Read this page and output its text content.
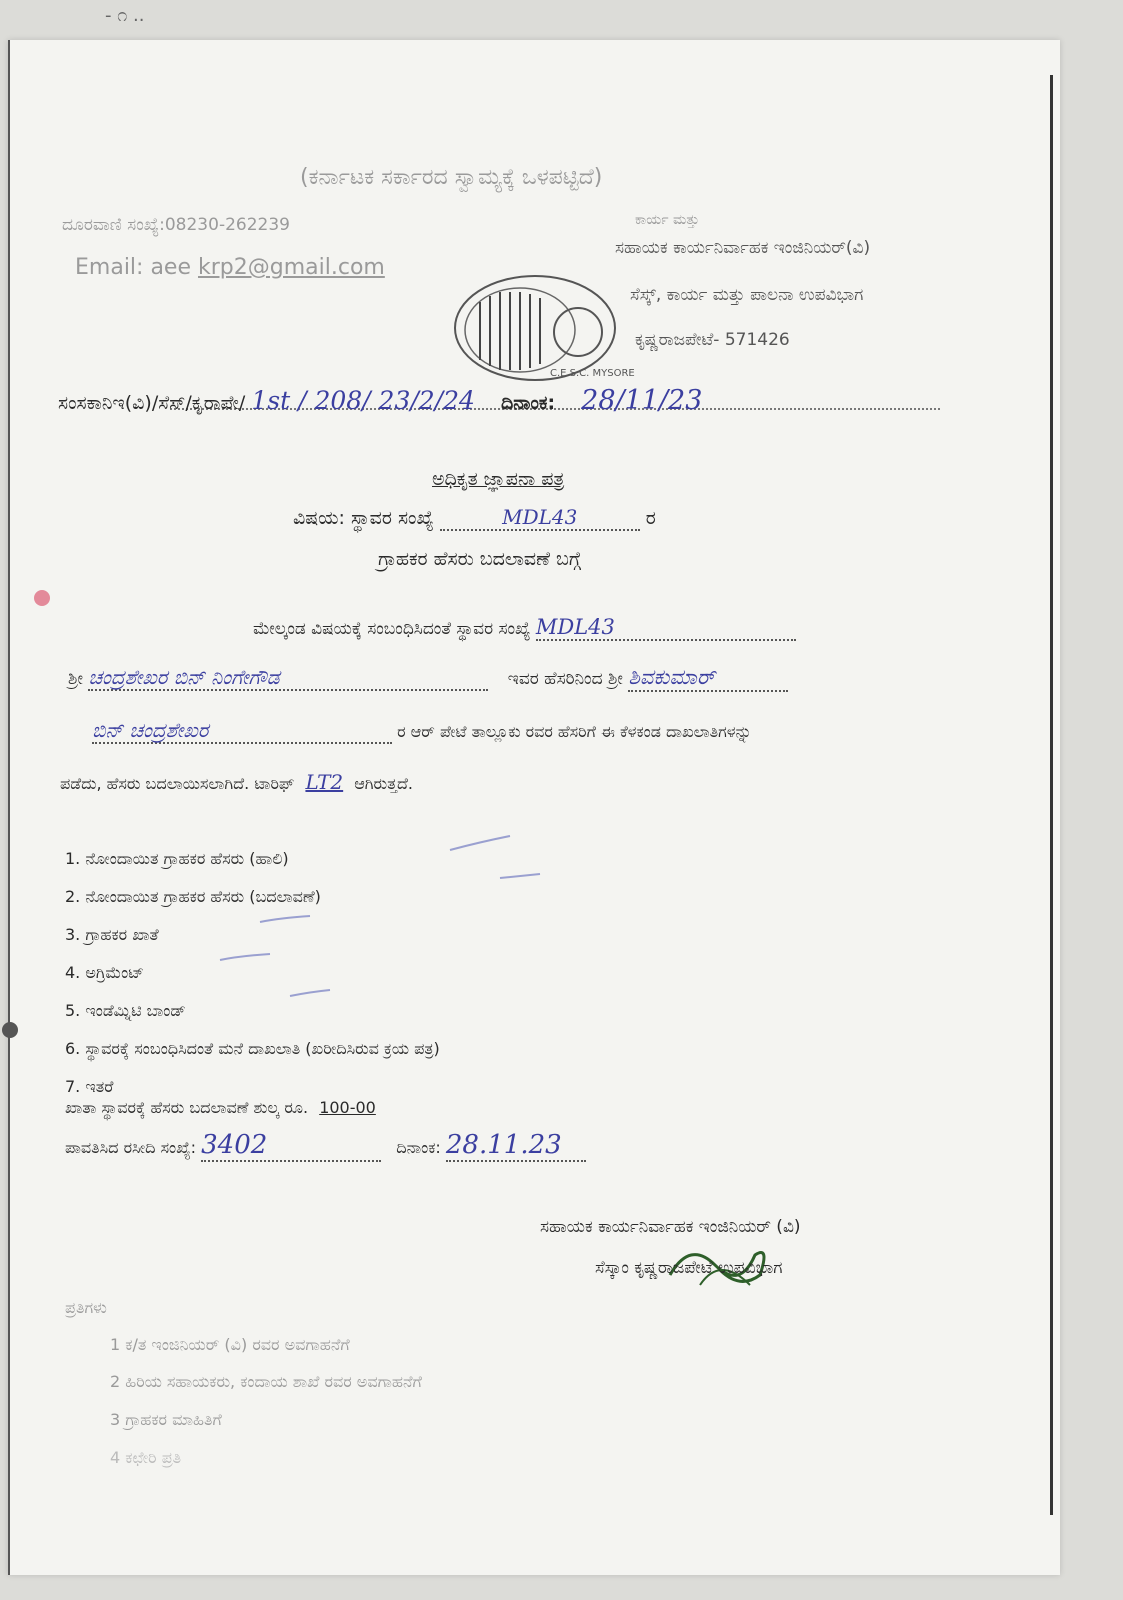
- ೧ ..
(ಕರ್ನಾಟಕ ಸರ್ಕಾರದ ಸ್ವಾಮ್ಯಕ್ಕೆ ಒಳಪಟ್ಟಿದೆ)
ದೂರವಾಣಿ ಸಂಖ್ಯೆ:08230-262239
Email: aee krp2@gmail.com
C.E.S.C. MYSORE
ಕಾರ್ಯ ಮತ್ತು
ಸಹಾಯಕ ಕಾರ್ಯನಿರ್ವಾಹಕ ಇಂಜಿನಿಯರ್(ವಿ)
ಸೆಸ್ಕ್, ಕಾರ್ಯ ಮತ್ತು ಪಾಲನಾ ಉಪವಿಭಾಗ
ಕೃಷ್ಣರಾಜಪೇಟೆ- 571426
ಸಂಸಕಾನಿಇ(ವಿ)/ಸೆಸ್/ಕೃರಾಪೇ/ 1st / 208/ 23/2/24 ದಿನಾಂಕ: 28/11/23
ಅಧಿಕೃತ ಜ್ಞಾಪನಾ ಪತ್ರ
ವಿಷಯ: ಸ್ಥಾವರ ಸಂಖ್ಯೆ	MDL43	ರ
ಗ್ರಾಹಕರ ಹೆಸರು ಬದಲಾವಣೆ ಬಗ್ಗೆ
ಮೇಲ್ಕಂಡ ವಿಷಯಕ್ಕೆ ಸಂಬಂಧಿಸಿದಂತೆ ಸ್ಥಾವರ ಸಂಖ್ಯೆ MDL43
ಶ್ರೀ ಚಂದ್ರಶೇಖರ ಬಿನ್ ನಿಂಗೇಗೌಡ	ಇವರ ಹೆಸರಿನಿಂದ ಶ್ರೀ ಶಿವಕುಮಾರ್
ಬಿನ್ ಚಂದ್ರಶೇಖರ	ರ ಆರ್ ಪೇಟೆ ತಾಲ್ಲೂಕು ರವರ ಹೆಸರಿಗೆ ಈ ಕೆಳಕಂಡ ದಾಖಲಾತಿಗಳನ್ನು
ಪಡೆದು, ಹೆಸರು ಬದಲಾಯಿಸಲಾಗಿದೆ. ಟಾರಿಫ್ LT2 ಆಗಿರುತ್ತದೆ.
1. ನೋಂದಾಯಿತ ಗ್ರಾಹಕರ ಹೆಸರು (ಹಾಲಿ)
2. ನೋಂದಾಯಿತ ಗ್ರಾಹಕರ ಹೆಸರು (ಬದಲಾವಣೆ)
3. ಗ್ರಾಹಕರ ಖಾತೆ
4. ಅಗ್ರಿಮೆಂಟ್
5. ಇಂಡೆಮ್ನಿಟಿ ಬಾಂಡ್
6. ಸ್ಥಾವರಕ್ಕೆ ಸಂಬಂಧಿಸಿದಂತೆ ಮನೆ ದಾಖಲಾತಿ (ಖರೀದಿಸಿರುವ ಕ್ರಯ ಪತ್ರ)
7. ಇತರೆ
ಖಾತಾ ಸ್ಥಾವರಕ್ಕೆ ಹೆಸರು ಬದಲಾವಣೆ ಶುಲ್ಕ ರೂ. 100-00
ಪಾವತಿಸಿದ ರಸೀದಿ ಸಂಖ್ಯೆ: 3402	ದಿನಾಂಕ: 28.11.23
ಸಹಾಯಕ ಕಾರ್ಯನಿರ್ವಾಹಕ ಇಂಜಿನಿಯರ್ (ವಿ)
ಸೆಸ್ಕಾಂ ಕೃಷ್ಣರಾಜಪೇಟೆ ಉಪವಿಭಾಗ
ಪ್ರತಿಗಳು
1 ಕ/ತ ಇಂಜಿನಿಯರ್ (ವಿ) ರವರ ಅವಗಾಹನೆಗೆ
2 ಹಿರಿಯ ಸಹಾಯಕರು, ಕಂದಾಯ ಶಾಖೆ ರವರ ಅವಗಾಹನೆಗೆ
3 ಗ್ರಾಹಕರ ಮಾಹಿತಿಗೆ
4 ಕಛೇರಿ ಪ್ರತಿ
